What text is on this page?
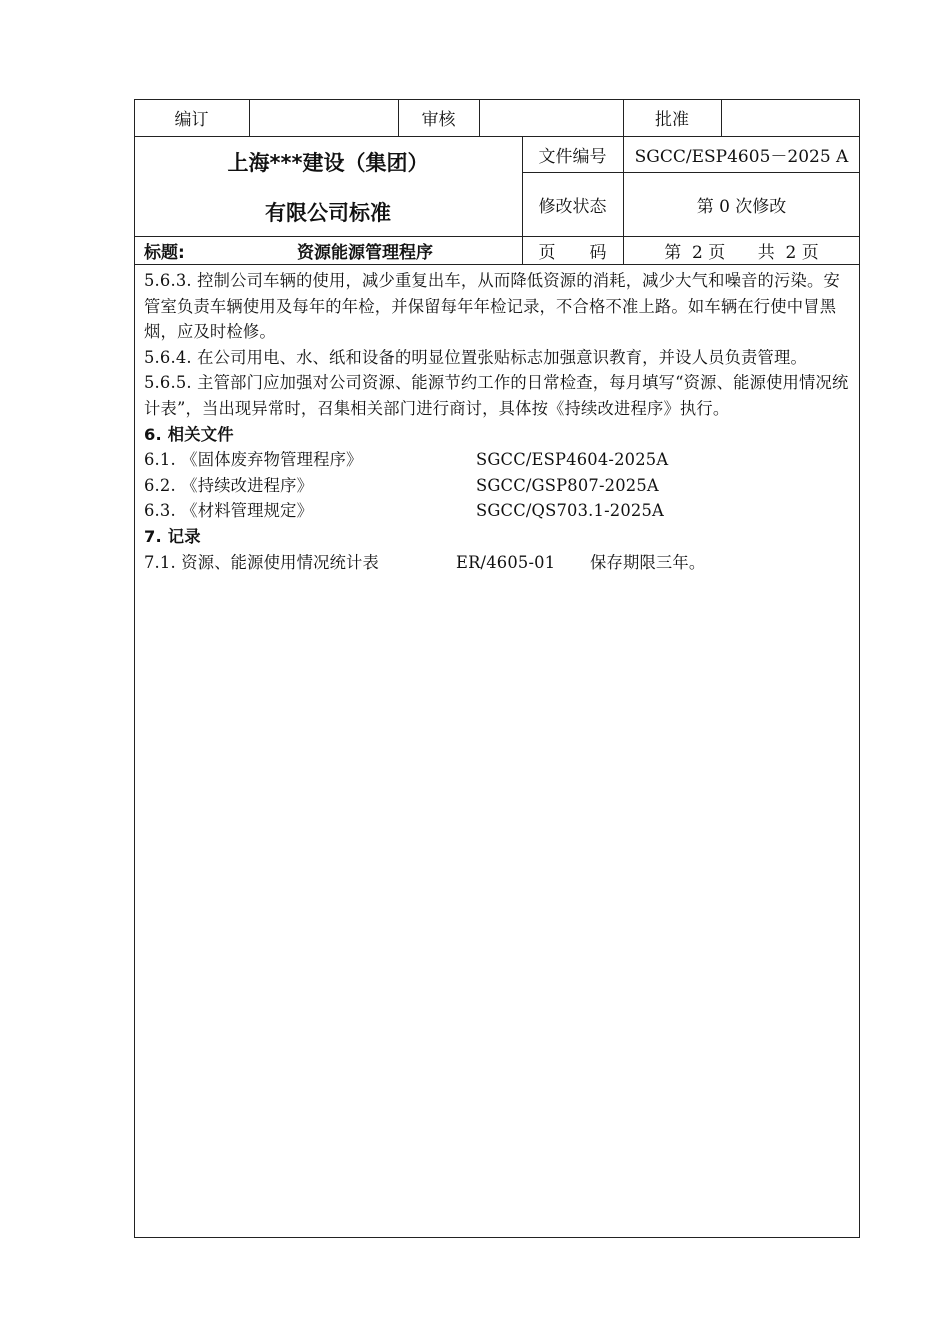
编订	审核	批准
上海***建设（集团）
有限公司标准
文件编号	SGCC/ESP4605－2025 A
修改状态	第 0 次修改
标题:	资源能源管理程序	页　　码	第  2 页      共  2 页

5.6.3. 控制公司车辆的使用，减少重复出车，从而降低资源的消耗，减少大气和噪音的污染。安管室负责车辆使用及每年的年检，并保留每年年检记录，不合格不准上路。如车辆在行使中冒黑烟，应及时检修。

5.6.4. 在公司用电、水、纸和设备的明显位置张贴标志加强意识教育，并设人员负责管理。

5.6.5. 主管部门应加强对公司资源、能源节约工作的日常检查，每月填写“资源、能源使用情况统计表”，当出现异常时，召集相关部门进行商讨，具体按《持续改进程序》执行。

6. 相关文件

6.1. 《固体废弃物管理程序》	SGCC/ESP4604-2025A
6.2. 《持续改进程序》	SGCC/GSP807-2025A
6.3. 《材料管理规定》	SGCC/QS703.1-2025A

7. 记录

7.1. 资源、能源使用情况统计表	ER/4605-01 保存期限三年。
